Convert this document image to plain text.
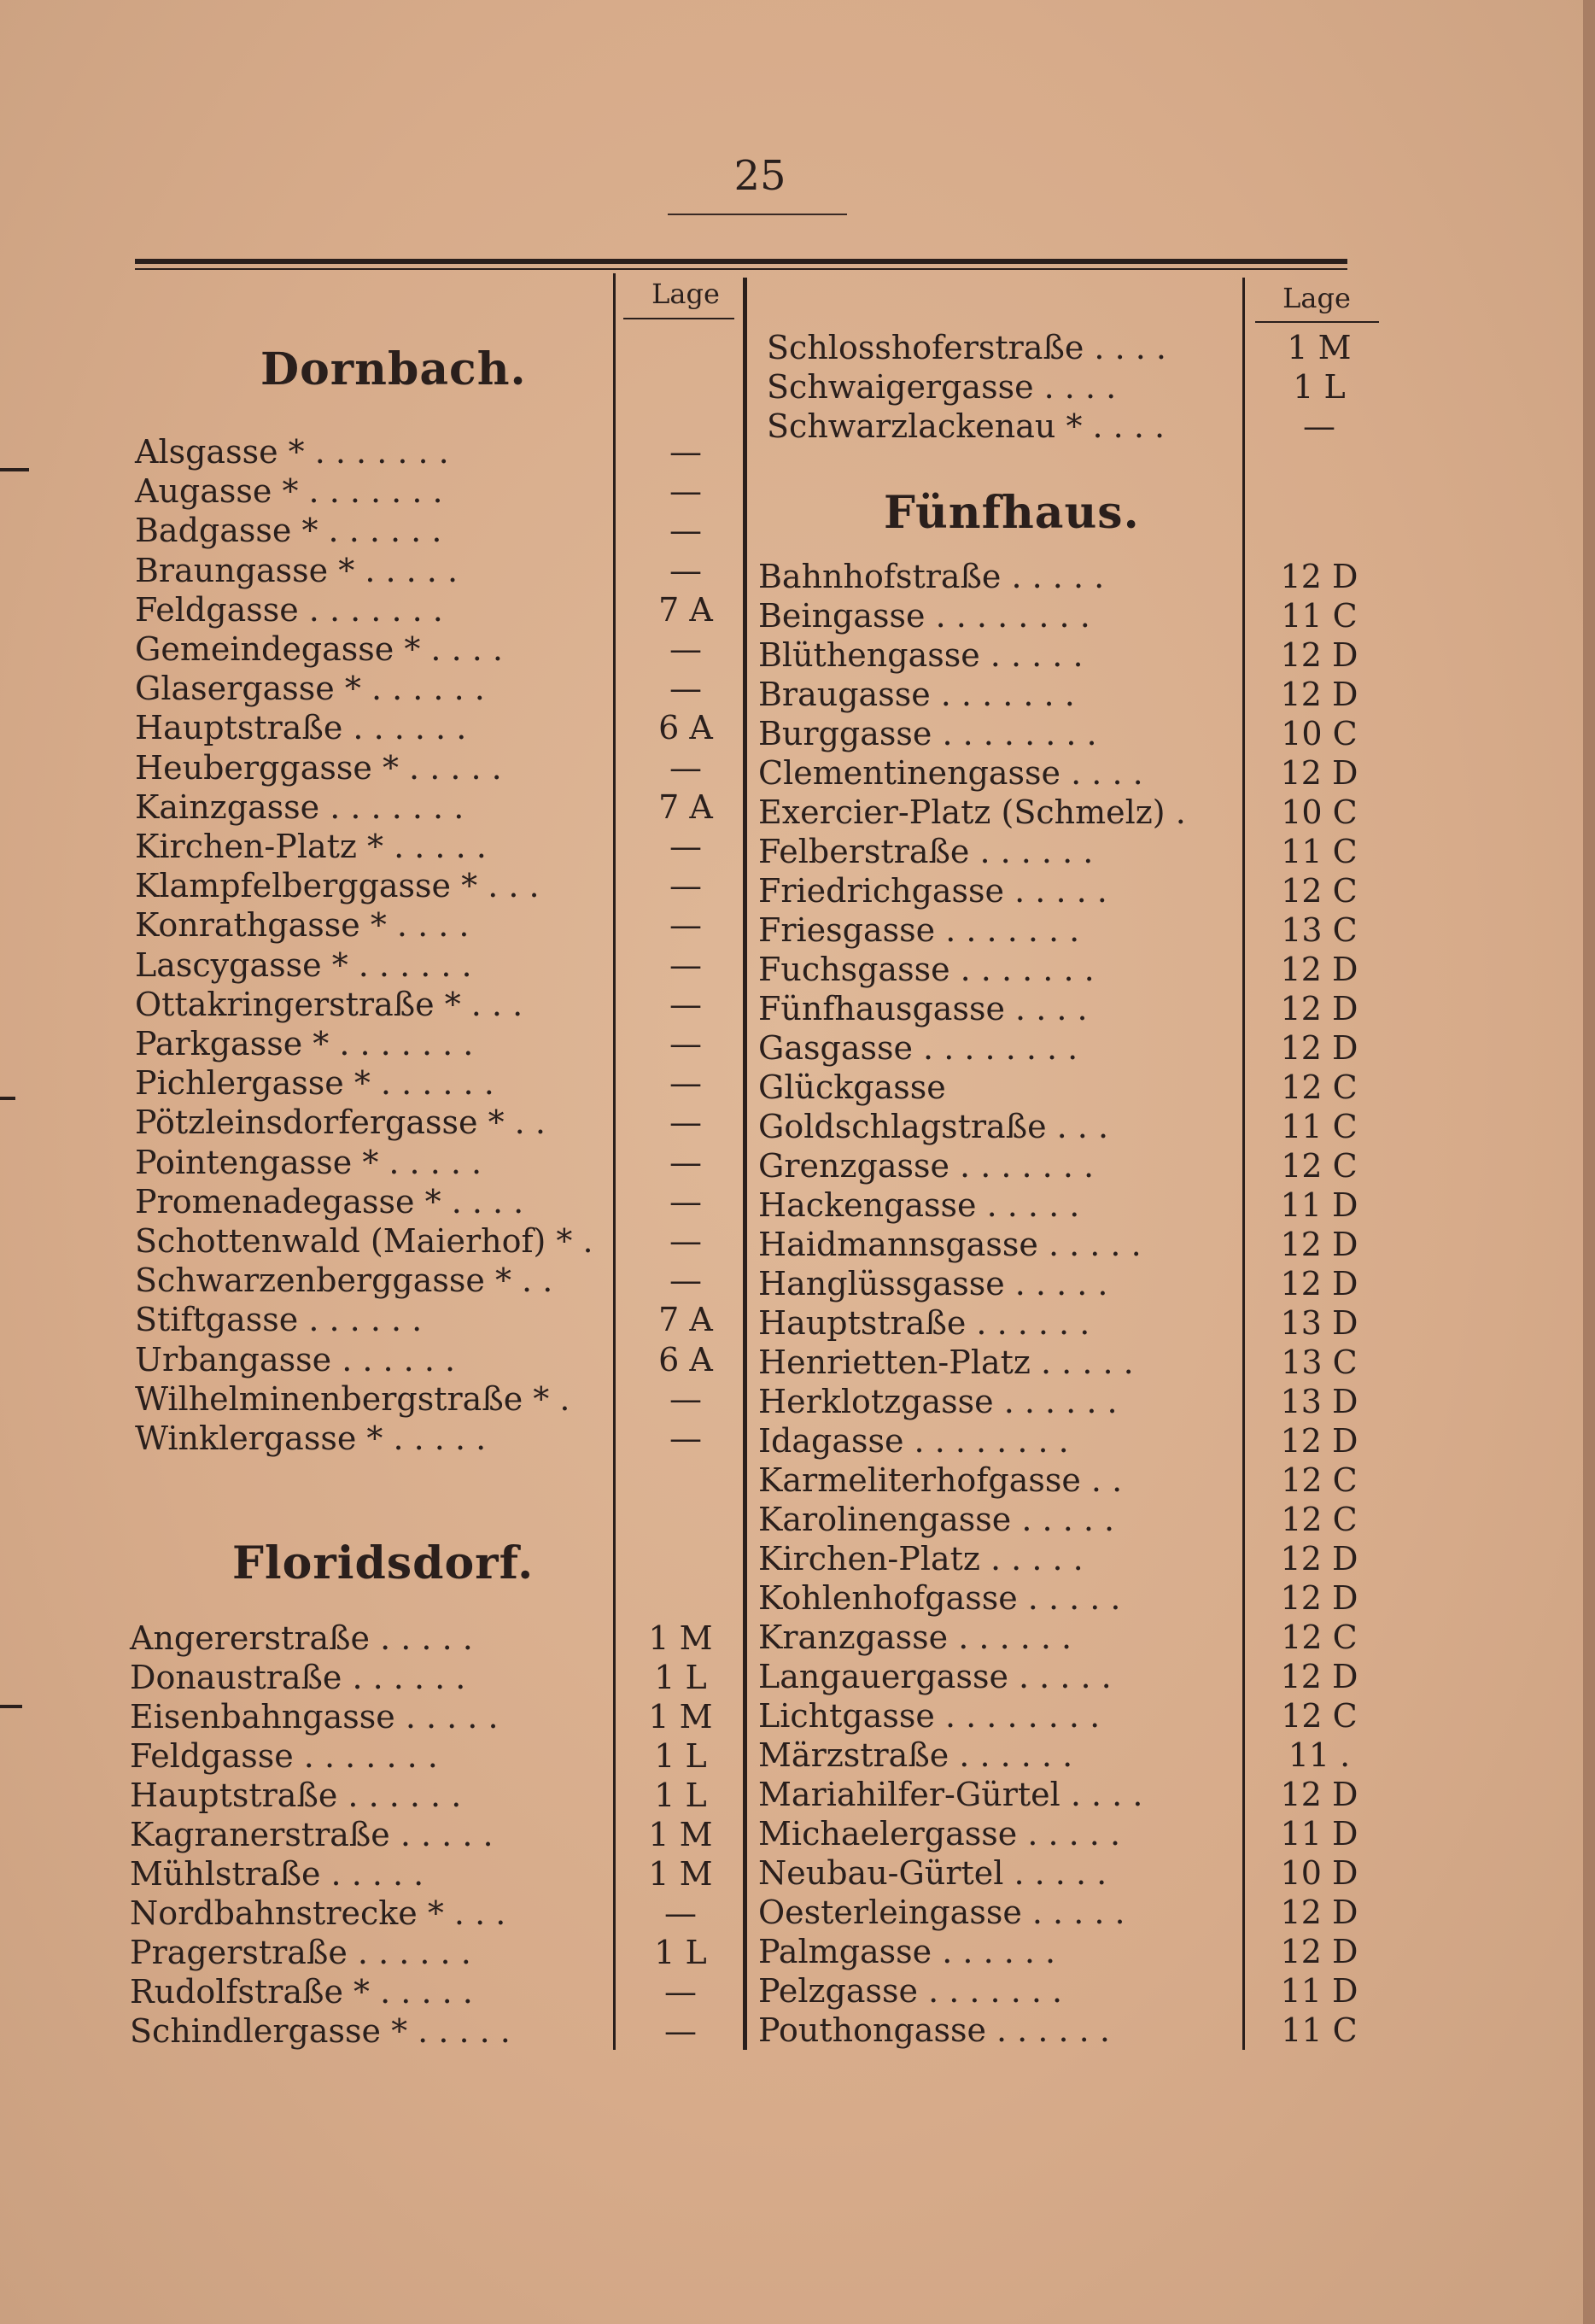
25
Lage	Lage
Dornbach.
Alsgasse * . . . . . . .	—
Augasse * . . . . . . .	—
Badgasse * . . . . . .	—
Braungasse * . . . . .	—
Feldgasse . . . . . . .	7 A
Gemeindegasse * . . . .	—
Glasergasse * . . . . . .	—
Hauptstraße . . . . . .	6 A
Heuberggasse * . . . . .	—
Kainzgasse . . . . . . .	7 A
Kirchen-Platz * . . . . .	—
Klampfelberggasse * . . .	—
Konrathgasse * . . . .	—
Lascygasse * . . . . . .	—
Ottakringerstraße * . . .	—
Parkgasse * . . . . . . .	—
Pichlergasse * . . . . . .	—
Pötzleinsdorfergasse * . .	—
Pointengasse * . . . . .	—
Promenadegasse * . . . .	—
Schottenwald (Maierhof) * .	—
Schwarzenberggasse * . .	—
Stiftgasse . . . . . .	7 A
Urbangasse . . . . . .	6 A
Wilhelminenbergstraße * .	—
Winklergasse * . . . . .	—
Floridsdorf.
Angererstraße . . . . .	1 M
Donaustraße . . . . . .	1 L
Eisenbahngasse . . . . .	1 M
Feldgasse . . . . . . .	1 L
Hauptstraße . . . . . .	1 L
Kagranerstraße . . . . .	1 M
Mühlstraße . . . . .	1 M
Nordbahnstrecke * . . .	—
Pragerstraße . . . . . .	1 L
Rudolfstraße * . . . . .	—
Schindlergasse * . . . . .	—
Schlosshoferstraße . . . .	1 M
Schwaigergasse . . . .	1 L
Schwarzlackenau * . . . .	—
Fünfhaus.
Bahnhofstraße . . . . .	12 D
Beingasse . . . . . . . .	11 C
Blüthengasse . . . . .	12 D
Braugasse . . . . . . .	12 D
Burggasse . . . . . . . .	10 C
Clementinengasse . . . .	12 D
Exercier-Platz (Schmelz) .	10 C
Felberstraße . . . . . .	11 C
Friedrichgasse . . . . .	12 C
Friesgasse . . . . . . .	13 C
Fuchsgasse . . . . . . .	12 D
Fünfhausgasse . . . .	12 D
Gasgasse . . . . . . . .	12 D
Glückgasse	12 C
Goldschlagstraße . . .	11 C
Grenzgasse . . . . . . .	12 C
Hackengasse . . . . .	11 D
Haidmannsgasse . . . . .	12 D
Hanglüssgasse . . . . .	12 D
Hauptstraße . . . . . .	13 D
Henrietten-Platz . . . . .	13 C
Herklotzgasse . . . . . .	13 D
Idagasse . . . . . . . .	12 D
Karmeliterhofgasse . .	12 C
Karolinengasse . . . . .	12 C
Kirchen-Platz . . . . .	12 D
Kohlenhofgasse . . . . .	12 D
Kranzgasse . . . . . .	12 C
Langauergasse . . . . .	12 D
Lichtgasse . . . . . . . .	12 C
Märzstraße . . . . . .	11 .
Mariahilfer-Gürtel . . . .	12 D
Michaelergasse . . . . .	11 D
Neubau-Gürtel . . . . .	10 D
Oesterleingasse . . . . .	12 D
Palmgasse . . . . . .	12 D
Pelzgasse . . . . . . .	11 D
Pouthongasse . . . . . .	11 C
